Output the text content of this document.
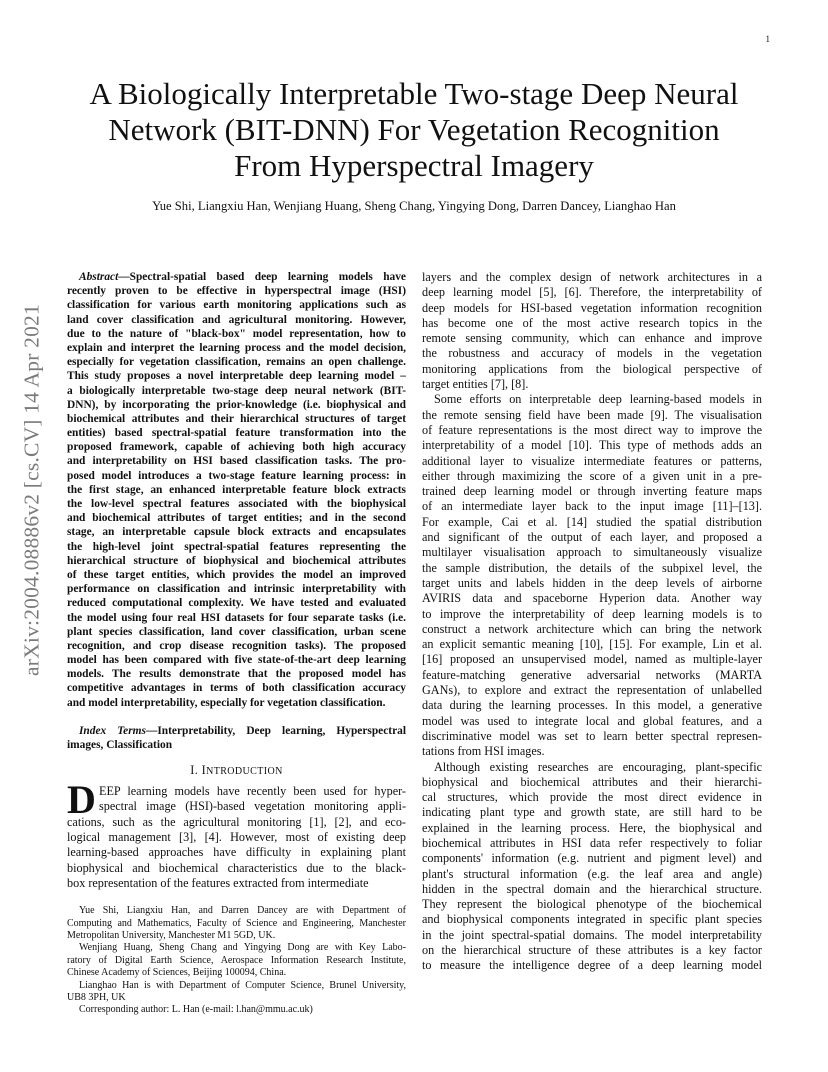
1
arXiv:2004.08886v2 [cs.CV] 14 Apr 2021
A Biologically Interpretable Two-stage Deep Neural
Network (BIT-DNN) For Vegetation Recognition
From Hyperspectral Imagery
Yue Shi, Liangxiu Han, Wenjiang Huang, Sheng Chang, Yingying Dong, Darren Dancey, Lianghao Han
Abstract—Spectral-spatial based deep learning models have
recently proven to be effective in hyperspectral image (HSI)
classification for various earth monitoring applications such as
land cover classification and agricultural monitoring. However,
due to the nature of "black-box" model representation, how to
explain and interpret the learning process and the model decision,
especially for vegetation classification, remains an open challenge.
This study proposes a novel interpretable deep learning model –
a biologically interpretable two-stage deep neural network (BIT-
DNN), by incorporating the prior-knowledge (i.e. biophysical and
biochemical attributes and their hierarchical structures of target
entities) based spectral-spatial feature transformation into the
proposed framework, capable of achieving both high accuracy
and interpretability on HSI based classification tasks. The pro-
posed model introduces a two-stage feature learning process: in
the first stage, an enhanced interpretable feature block extracts
the low-level spectral features associated with the biophysical
and biochemical attributes of target entities; and in the second
stage, an interpretable capsule block extracts and encapsulates
the high-level joint spectral-spatial features representing the
hierarchical structure of biophysical and biochemical attributes
of these target entities, which provides the model an improved
performance on classification and intrinsic interpretability with
reduced computational complexity. We have tested and evaluated
the model using four real HSI datasets for four separate tasks (i.e.
plant species classification, land cover classification, urban scene
recognition, and crop disease recognition tasks). The proposed
model has been compared with five state-of-the-art deep learning
models. The results demonstrate that the proposed model has
competitive advantages in terms of both classification accuracy
and model interpretability, especially for vegetation classification.
Index Terms—Interpretability, Deep learning, Hyperspectral
images, Classification
I. INTRODUCTION
D EEP learning models have recently been used for hyper-
spectral image (HSI)-based vegetation monitoring appli-
cations, such as the agricultural monitoring [1], [2], and eco-
logical management [3], [4]. However, most of existing deep
learning-based approaches have difficulty in explaining plant
biophysical and biochemical characteristics due to the black-
box representation of the features extracted from intermediate
Yue Shi, Liangxiu Han, and Darren Dancey are with Department of
Computing and Mathematics, Faculty of Science and Engineering, Manchester
Metropolitan University, Manchester M1 5GD, UK.
Wenjiang Huang, Sheng Chang and Yingying Dong are with Key Labo-
ratory of Digital Earth Science, Aerospace Information Research Institute,
Chinese Academy of Sciences, Beijing 100094, China.
Lianghao Han is with Department of Computer Science, Brunel University,
UB8 3PH, UK
Corresponding author: L. Han (e-mail: l.han@mmu.ac.uk)
layers and the complex design of network architectures in a
deep learning model [5], [6]. Therefore, the interpretability of
deep models for HSI-based vegetation information recognition
has become one of the most active research topics in the
remote sensing community, which can enhance and improve
the robustness and accuracy of models in the vegetation
monitoring applications from the biological perspective of
target entities [7], [8].
Some efforts on interpretable deep learning-based models in
the remote sensing field have been made [9]. The visualisation
of feature representations is the most direct way to improve the
interpretability of a model [10]. This type of methods adds an
additional layer to visualize intermediate features or patterns,
either through maximizing the score of a given unit in a pre-
trained deep learning model or through inverting feature maps
of an intermediate layer back to the input image [11]–[13].
For example, Cai et al. [14] studied the spatial distribution
and significant of the output of each layer, and proposed a
multilayer visualisation approach to simultaneously visualize
the sample distribution, the details of the subpixel level, the
target units and labels hidden in the deep levels of airborne
AVIRIS data and spaceborne Hyperion data. Another way
to improve the interpretability of deep learning models is to
construct a network architecture which can bring the network
an explicit semantic meaning [10], [15]. For example, Lin et al.
[16] proposed an unsupervised model, named as multiple-layer
feature-matching generative adversarial networks (MARTA
GANs), to explore and extract the representation of unlabelled
data during the learning processes. In this model, a generative
model was used to integrate local and global features, and a
discriminative model was set to learn better spectral represen-
tations from HSI images.
Although existing researches are encouraging, plant-specific
biophysical and biochemical attributes and their hierarchi-
cal structures, which provide the most direct evidence in
indicating plant type and growth state, are still hard to be
explained in the learning process. Here, the biophysical and
biochemical attributes in HSI data refer respectively to foliar
components' information (e.g. nutrient and pigment level) and
plant's structural information (e.g. the leaf area and angle)
hidden in the spectral domain and the hierarchical structure.
They represent the biological phenotype of the biochemical
and biophysical components integrated in specific plant species
in the joint spectral-spatial domains. The model interpretability
on the hierarchical structure of these attributes is a key factor
to measure the intelligence degree of a deep learning model
